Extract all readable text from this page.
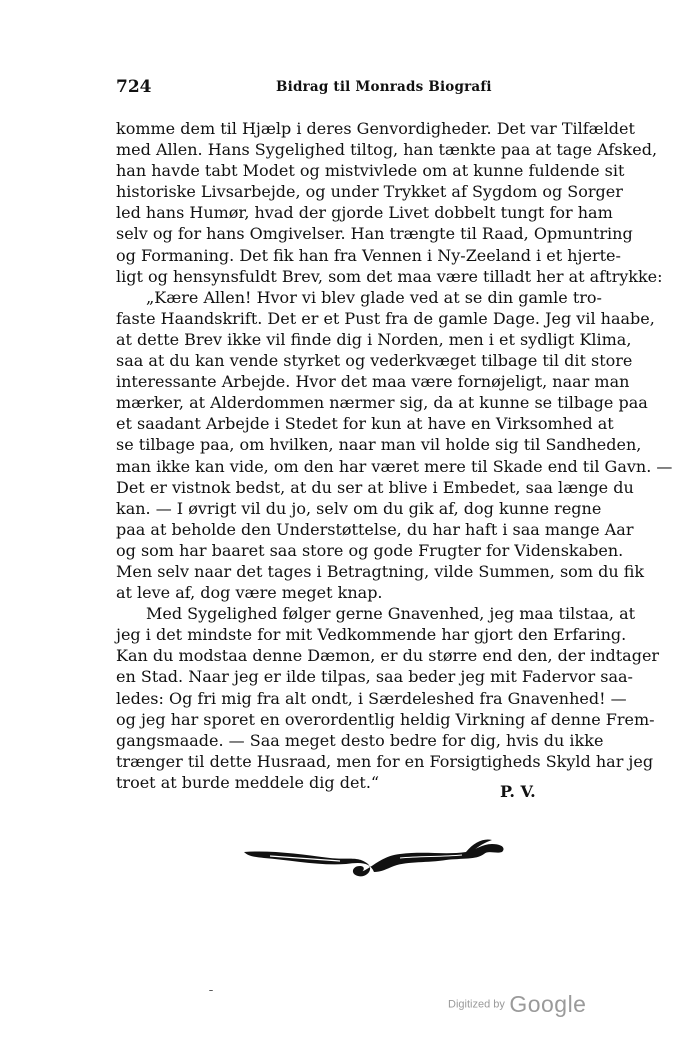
724	Bidrag til Monrads Biografi
komme dem til Hjælp i deres Genvordigheder. Det var Tilfældet
med Allen. Hans Sygelighed tiltog, han tænkte paa at tage Afsked,
han havde tabt Modet og mistvivlede om at kunne fuldende sit
historiske Livsarbejde, og under Trykket af Sygdom og Sorger
led hans Humør, hvad der gjorde Livet dobbelt tungt for ham
selv og for hans Omgivelser. Han trængte til Raad, Opmuntring
og Formaning. Det fik han fra Vennen i Ny-Zeeland i et hjerte-
ligt og hensynsfuldt Brev, som det maa være tilladt her at aftrykke:
„Kære Allen! Hvor vi blev glade ved at se din gamle tro-
faste Haandskrift. Det er et Pust fra de gamle Dage. Jeg vil haabe,
at dette Brev ikke vil finde dig i Norden, men i et sydligt Klima,
saa at du kan vende styrket og vederkvæget tilbage til dit store
interessante Arbejde. Hvor det maa være fornøjeligt, naar man
mærker, at Alderdommen nærmer sig, da at kunne se tilbage paa
et saadant Arbejde i Stedet for kun at have en Virksomhed at
se tilbage paa, om hvilken, naar man vil holde sig til Sandheden,
man ikke kan vide, om den har været mere til Skade end til Gavn. —
Det er vistnok bedst, at du ser at blive i Embedet, saa længe du
kan. — I øvrigt vil du jo, selv om du gik af, dog kunne regne
paa at beholde den Understøttelse, du har haft i saa mange Aar
og som har baaret saa store og gode Frugter for Videnskaben.
Men selv naar det tages i Betragtning, vilde Summen, som du fik
at leve af, dog være meget knap.
Med Sygelighed følger gerne Gnavenhed, jeg maa tilstaa, at
jeg i det mindste for mit Vedkommende har gjort den Erfaring.
Kan du modstaa denne Dæmon, er du større end den, der indtager
en Stad. Naar jeg er ilde tilpas, saa beder jeg mit Fadervor saa-
ledes: Og fri mig fra alt ondt, i Særdeleshed fra Gnavenhed! —
og jeg har sporet en overordentlig heldig Virkning af denne Frem-
gangsmaade. — Saa meget desto bedre for dig, hvis du ikke
trænger til dette Husraad, men for en Forsigtigheds Skyld har jeg
troet at burde meddele dig det.“	P. V.
ˉ
Digitized by Google
